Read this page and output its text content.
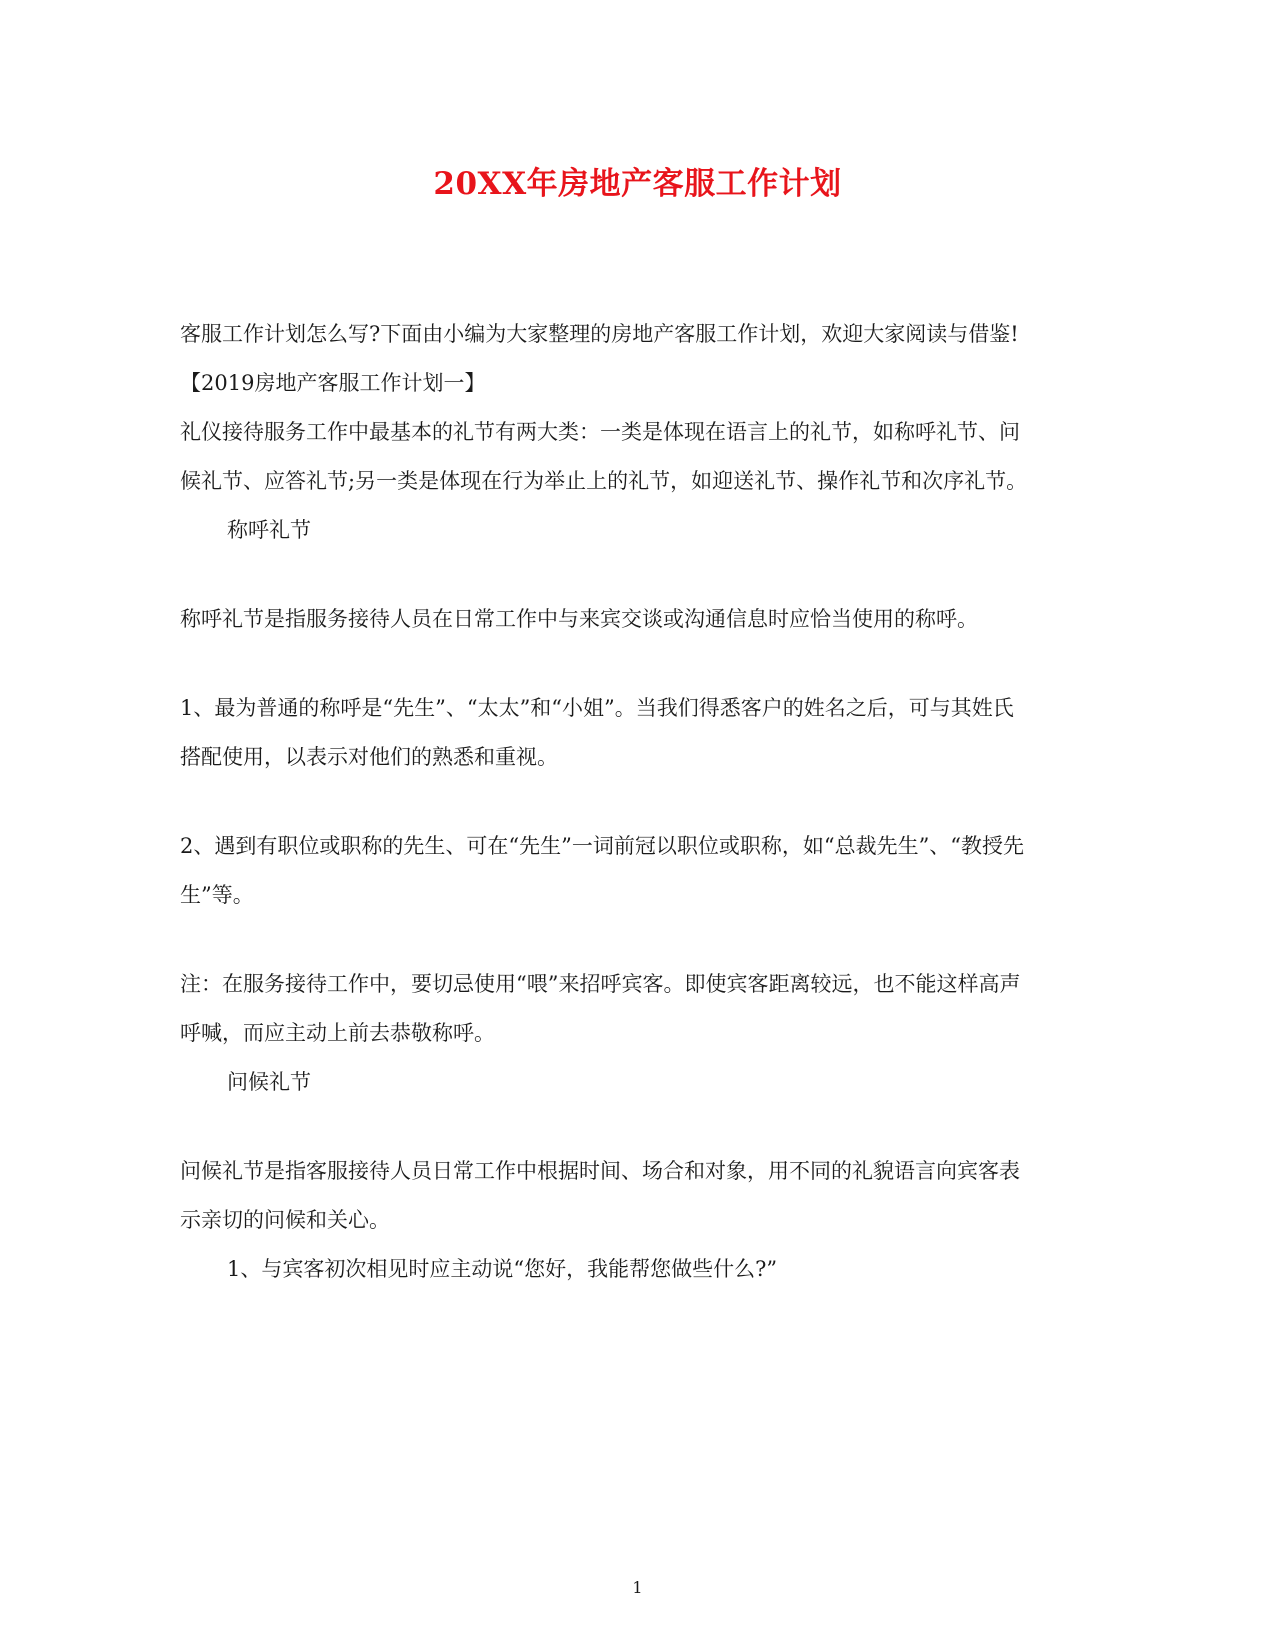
20XX年房地产客服工作计划

客服工作计划怎么写?下面由小编为大家整理的房地产客服工作计划，欢迎大家阅读与借鉴!

【2019房地产客服工作计划一】

礼仪接待服务工作中最基本的礼节有两大类：一类是体现在语言上的礼节，如称呼礼节、问候礼节、应答礼节;另一类是体现在行为举止上的礼节，如迎送礼节、操作礼节和次序礼节。

称呼礼节

称呼礼节是指服务接待人员在日常工作中与来宾交谈或沟通信息时应恰当使用的称呼。

1、最为普通的称呼是“先生”、“太太”和“小姐”。当我们得悉客户的姓名之后，可与其姓氏搭配使用，以表示对他们的熟悉和重视。

2、遇到有职位或职称的先生、可在“先生”一词前冠以职位或职称，如“总裁先生”、“教授先生”等。

注：在服务接待工作中，要切忌使用“喂”来招呼宾客。即使宾客距离较远，也不能这样高声呼喊，而应主动上前去恭敬称呼。

问候礼节

问候礼节是指客服接待人员日常工作中根据时间、场合和对象，用不同的礼貌语言向宾客表示亲切的问候和关心。

1、与宾客初次相见时应主动说“您好，我能帮您做些什么?”

1
